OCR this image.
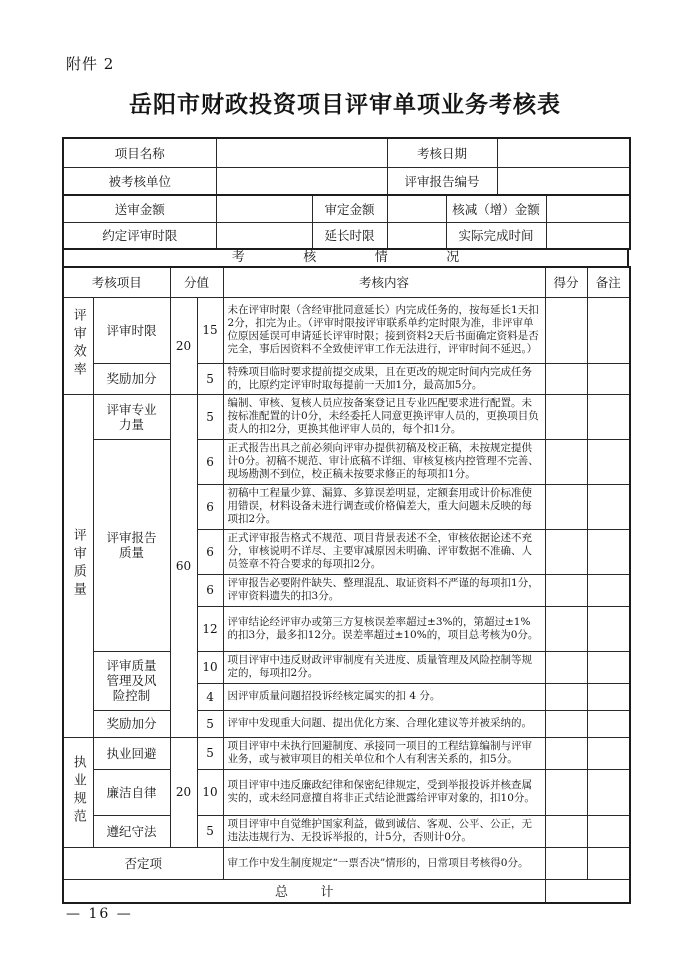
附件 2
岳阳市财政投资项目评审单项业务考核表
项目名称		考核日期	
被考核单位		评审报告编号	
送审金额		审定金额		核减（增）金额	
约定评审时限		延长时限		实际完成时间	
考核情况
考核项目		分值		考核内容	得分	备注
评审效率	评审时限	20	15	未在评审时限（含经审批同意延长）内完成任务的，按每延长1天扣2分，扣完为止。（评审时限按评审联系单约定时限为准，非评审单位原因延误可申请延长评审时限；接到资料2天后书面确定资料是否完全，事后因资料不全致使评审工作无法进行，评审时间不延迟。）		
	奖励加分		5	特殊项目临时要求提前提交成果，且在更改的规定时间内完成任务的，比原约定评审时取每提前一天加1分，最高加5分。		
评审质量	评审专业力量	60	5	编制、审核、复核人员应按备案登记且专业匹配要求进行配置。未按标准配置的计0分，未经委托人同意更换评审人员的，更换项目负责人的扣2分，更换其他评审人员的，每个扣1分。		
	评审报告质量		6	正式报告出具之前必须向评审办提供初稿及校正稿，未按规定提供计0分。初稿不规范、审计底稿不详细、审核复核内控管理不完善、现场勘测不到位，校正稿未按要求修正的每项扣1分。		
			6	初稿中工程量少算、漏算、多算误差明显，定额套用或计价标准使用错误，材料设备未进行调查或价格偏差大，重大问题未反映的每项扣2分。		
			6	正式评审报告格式不规范、项目背景表述不全，审核依据论述不充分，审核说明不详尽、主要审减原因未明确、评审数据不准确、人员签章不符合要求的每项扣2分。		
			6	评审报告必要附件缺失、整理混乱、取证资料不严谨的每项扣1分，评审资料遗失的扣3分。		
			12	评审结论经评审办或第三方复核误差率超过±3%的，第超过±1%的扣3分，最多扣12分。误差率超过±10%的，项目总考核为0分。		
	评审质量管理及风险控制		10	项目评审中违反财政评审制度有关进度、质量管理及风险控制等规定的，每项扣2分。		
			4	因评审质量问题招投诉经核定属实的扣 4 分。		
	奖励加分		5	评审中发现重大问题、提出优化方案、合理化建议等并被采纳的。		
执业规范	执业回避	20	5	项目评审中未执行回避制度、承接同一项目的工程结算编制与评审业务，或与被审项目的相关单位和个人有利害关系的，扣5分。		
	廉洁自律		10	项目评审中违反廉政纪律和保密纪律规定，受到举报投诉并核查属实的，或未经同意擅自将非正式结论泄露给评审对象的，扣10分。		
	遵纪守法		5	项目评审中自觉维护国家利益，做到诚信、客观、公平、公正，无违法违规行为、无投诉举报的，计5分，否则计0分。		
否定项				审工作中发生制度规定“一票否决”情形的，日常项目考核得0分。		
总计						
— 16 —
